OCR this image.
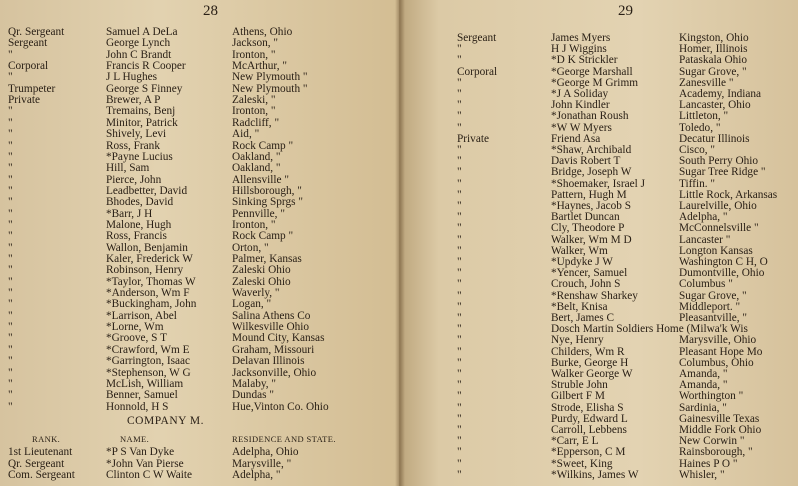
28
Qr. Sergeant	Samuel A DeLa	Athens, Ohio
Sergeant	George Lynch	Jackson, "
"	John C Brandt	Ironton, "
Corporal	Francis R Cooper	McArthur, "
"	J L Hughes	New Plymouth "
Trumpeter	George S Finney	New Plymouth "
Private	Brewer, A P	Zaleski, "
"	Tremains, Benj	Ironton, "
"	Minitor, Patrick	Radcliff, "
"	Shively, Levi	Aid, "
"	Ross, Frank	Rock Camp "
"	*Payne Lucius	Oakland, "
"	Hill, Sam	Oakland, "
"	Pierce, John	Allensville "
"	Leadbetter, David	Hillsborough, "
"	Bhodes, David	Sinking Sprgs "
"	*Barr, J H	Pennville, "
"	Malone, Hugh	Ironton, "
"	Ross, Francis	Rock Camp "
"	Wallon, Benjamin	Orton, "
"	Kaler, Frederick W	Palmer, Kansas
"	Robinson, Henry	Zaleski Ohio
"	*Taylor, Thomas W	Zaleski Ohio
"	*Anderson, Wm F	Waverly, "
"	*Buckingham, John	Logan, "
"	*Larrison, Abel	Salina Athens Co
"	*Lorne, Wm	Wilkesville Ohio
"	*Groove, S T	Mound City, Kansas
"	*Crawford, Wm E	Graham, Missouri
"	*Garrington, Isaac	Delavan Illinois
"	*Stephenson, W G	Jacksonville, Ohio
"	McLish, William	Malaby, "
"	Benner, Samuel	Dundas "
"	Honnold, H S	Hue,Vinton Co. Ohio
COMPANY M.
RANK.	NAME.	RESIDENCE AND STATE.
1st Lieutenant	*P S Van Dyke	Adelpha, Ohio
Qr. Sergeant	*John Van Pierse	Marysville, "
Com. Sergeant	Clinton C W Waite	Adelpha, "
29
Sergeant	James Myers	Kingston, Ohio
"	H J Wiggins	Homer, Illinois
"	*D K Strickler	Pataskala Ohio
Corporal	*George Marshall	Sugar Grove, "
"	*George M Grimm	Zanesville "
"	*J A Soliday	Academy, Indiana
"	John Kindler	Lancaster, Ohio
"	*Jonathan Roush	Littleton, "
"	*W W Myers	Toledo, "
Private	Friend Asa	Decatur Illinois
"	*Shaw, Archibald	Cisco, "
"	Davis Robert T	South Perry Ohio
"	Bridge, Joseph W	Sugar Tree Ridge "
"	*Shoemaker, Israel J	Tiffin. "
"	Pattern, Hugh M	Little Rock, Arkansas
"	*Haynes, Jacob S	Laurelville, Ohio
"	Bartlet Duncan	Adelpha, "
"	Cly, Theodore P	McConnelsville "
"	Walker, Wm M D	Lancaster "
"	Walker, Wm	Longton Kansas
"	*Updyke J W	Washington C H, O
"	*Yencer, Samuel	Dumontville, Ohio
"	Crouch, John S	Columbus "
"	*Renshaw Sharkey	Sugar Grove, "
"	*Belt, Knisa	Middleport. "
"	Bert, James C	Pleasantville, "
"	Dosch Martin Soldiers Home (Milwa'k Wis
"	Nye, Henry	Marysville, Ohio
"	Childers, Wm R	Pleasant Hope Mo
"	Burke, George H	Columbus, Ohio
"	Walker George W	Amanda, "
"	Struble John	Amanda, "
"	Gilbert F M	Worthington "
"	Strode, Elisha S	Sardinia, "
"	Purdy, Edward L	Gainesville Texas
"	Carroll, Lebbens	Middle Fork Ohio
"	*Carr, E L	New Corwin "
"	*Epperson, C M	Rainsborough, "
"	*Sweet, King	Haines P O "
"	*Wilkins, James W	Whisler, "
